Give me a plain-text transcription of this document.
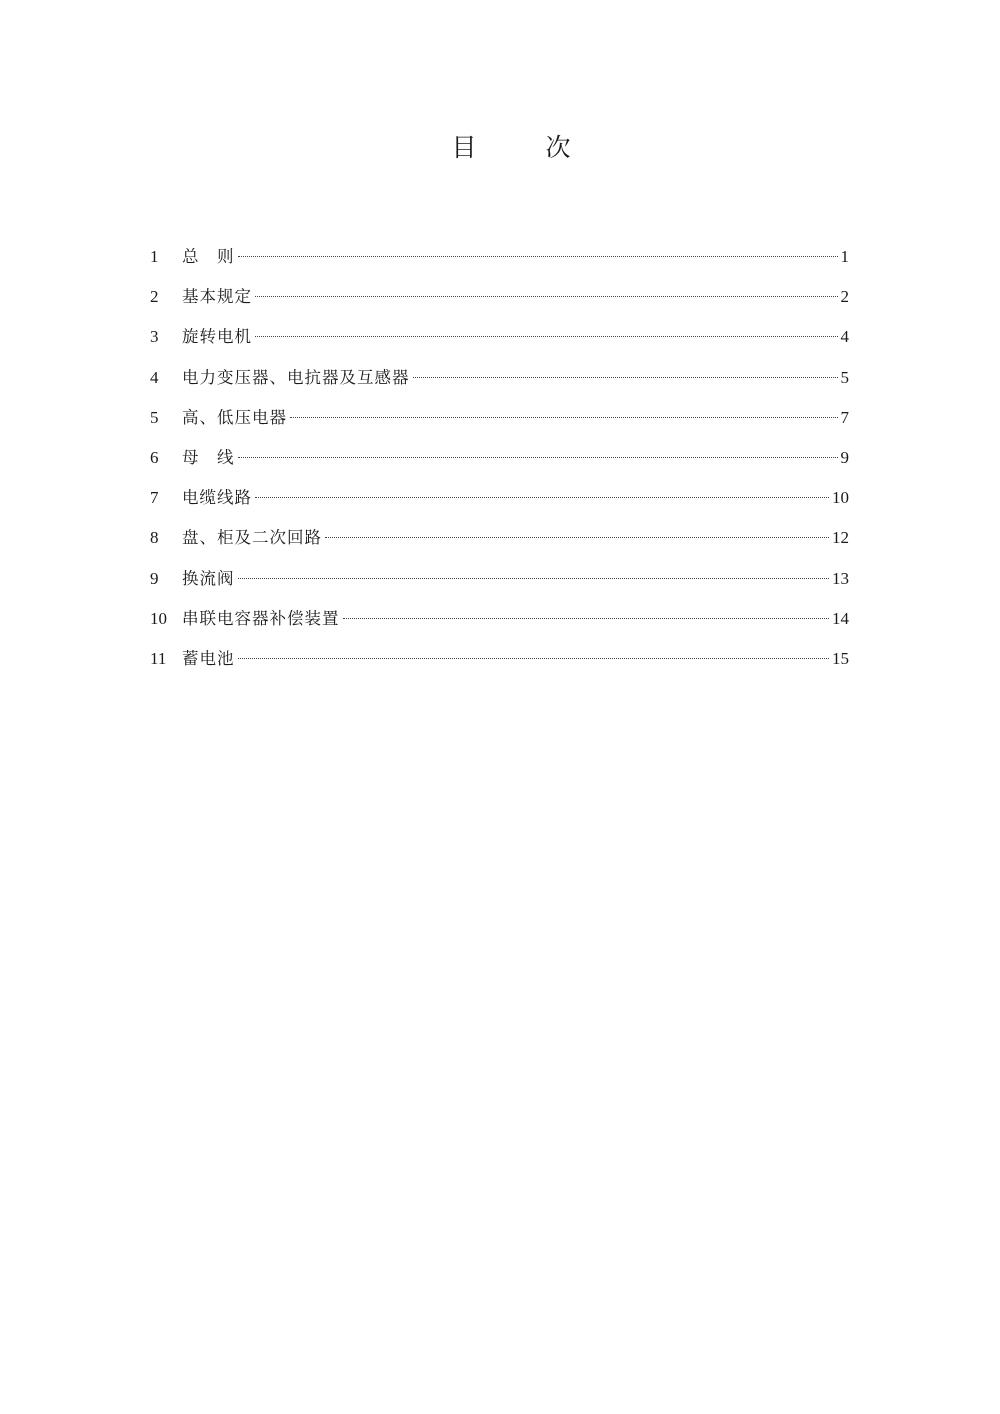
目　次
1	总　则	1
2	基本规定	2
3	旋转电机	4
4	电力变压器、电抗器及互感器	5
5	高、低压电器	7
6	母　线	9
7	电缆线路	10
8	盘、柜及二次回路	12
9	换流阀	13
10 串联电容器补偿装置	14
11 蓄电池	15
